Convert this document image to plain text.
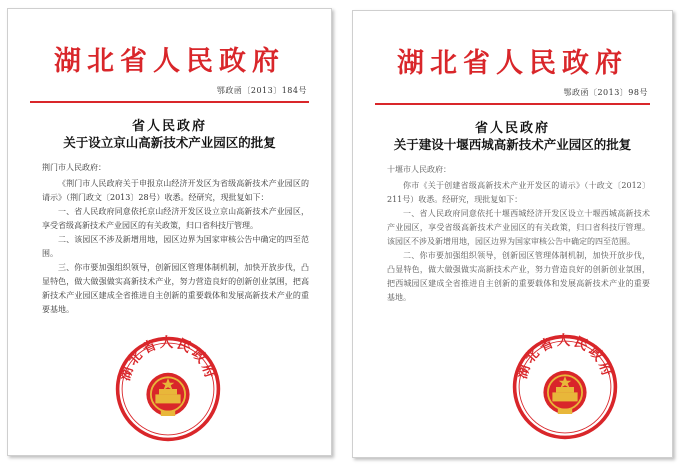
湖北省人民政府
鄂政函〔2013〕184号
省人民政府
关于设立京山高新技术产业园区的批复

荆门市人民政府：

《荆门市人民政府关于申报京山经济开发区为省级高新技术产业园区的请示》（荆门政文〔2013〕28号）收悉。经研究，现批复如下：

一、省人民政府同意依托京山经济开发区设立京山高新技术产业园区，享受省级高新技术产业园区的有关政策，归口省科技厅管理。

二、该园区不涉及新增用地，园区边界为国家审核公告中确定的四至范围。

三、你市要加强组织领导，创新园区管理体制机制，加快开放步伐，凸显特色，做大做强做实高新技术产业，努力营造良好的创新创业氛围，把高新技术产业园区建成全省推进自主创新的重要载体和发展高新技术产业的重要基地。

湖北省人民政府
湖北省人民政府
鄂政函〔2013〕98号
省人民政府
关于建设十堰西城高新技术产业园区的批复

十堰市人民政府：

你市《关于创建省级高新技术产业开发区的请示》（十政文〔2012〕211号）收悉。经研究，现批复如下：

一、省人民政府同意依托十堰西城经济开发区设立十堰西城高新技术产业园区，享受省级高新技术产业园区的有关政策，归口省科技厅管理。该园区不涉及新增用地，园区边界为国家审核公告中确定的四至范围。

二、你市要加强组织领导，创新园区管理体制机制，加快开放步伐，凸显特色，做大做强做实高新技术产业，努力营造良好的创新创业氛围，把西城园区建成全省推进自主创新的重要载体和发展高新技术产业的重要基地。

湖北省人民政府
